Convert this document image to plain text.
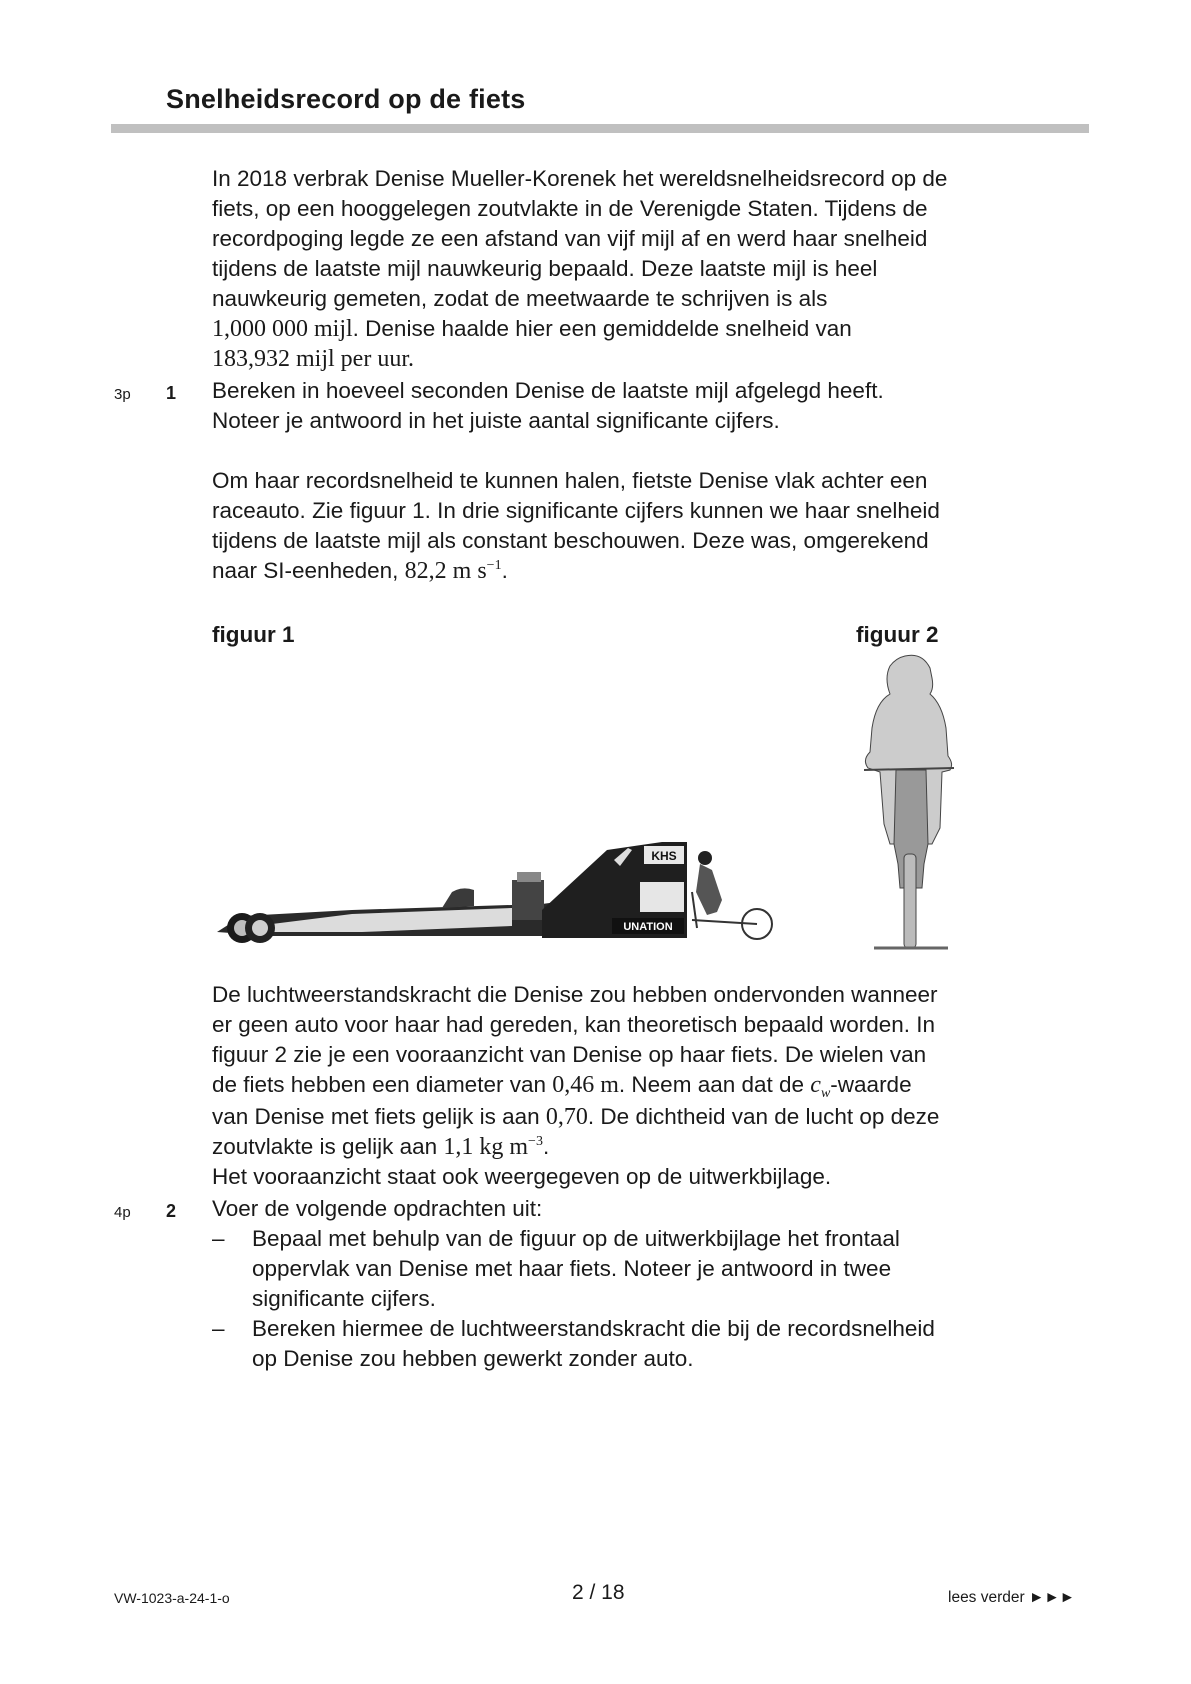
Snelheidsrecord op de fiets
In 2018 verbrak Denise Mueller-Korenek het wereldsnelheidsrecord op de
fiets, op een hooggelegen zoutvlakte in de Verenigde Staten. Tijdens de
recordpoging legde ze een afstand van vijf mijl af en werd haar snelheid
tijdens de laatste mijl nauwkeurig bepaald. Deze laatste mijl is heel
nauwkeurig gemeten, zodat de meetwaarde te schrijven is als
1,000 000 mijl. Denise haalde hier een gemiddelde snelheid van
183,932 mijl per uur.
3p 1 Bereken in hoeveel seconden Denise de laatste mijl afgelegd heeft.
Noteer je antwoord in het juiste aantal significante cijfers.
Om haar recordsnelheid te kunnen halen, fietste Denise vlak achter een
raceauto. Zie figuur 1. In drie significante cijfers kunnen we haar snelheid
tijdens de laatste mijl als constant beschouwen. Deze was, omgerekend
naar SI-eenheden, 82,2 m $s^{-1}$.
figuur 1	figuur 2
UNATION
KHS
De luchtweerstandskracht die Denise zou hebben ondervonden wanneer
er geen auto voor haar had gereden, kan theoretisch bepaald worden. In
figuur 2 zie je een vooraanzicht van Denise op haar fiets. De wielen van
de fiets hebben een diameter van 0,46 m. Neem aan dat de $c_w$-waarde
van Denise met fiets gelijk is aan 0,70. De dichtheid van de lucht op deze
zoutvlakte is gelijk aan 1,1 kg $m^{-3}$.
Het vooraanzicht staat ook weergegeven op de uitwerkbijlage.
4p 2 Voer de volgende opdrachten uit:
– Bepaal met behulp van de figuur op de uitwerkbijlage het frontaal
oppervlak van Denise met haar fiets. Noteer je antwoord in twee
significante cijfers.
– Bereken hiermee de luchtweerstandskracht die bij de recordsnelheid
op Denise zou hebben gewerkt zonder auto.
VW-1023-a-24-1-o	2 / 18	lees verder ►►►
